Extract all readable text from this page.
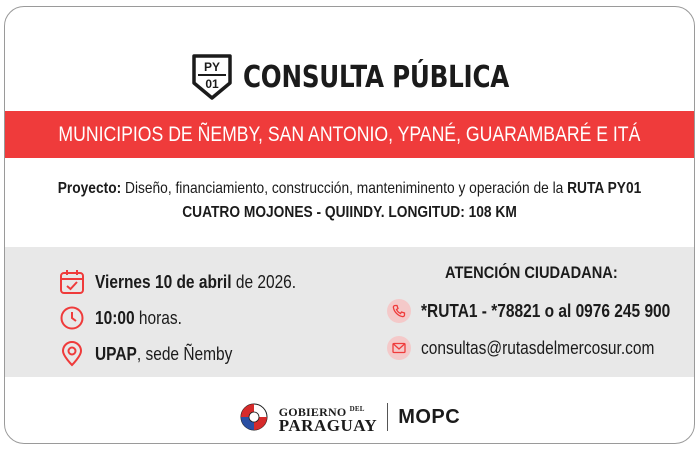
PY
01 CONSULTA PÚBLICA
MUNICIPIOS DE ÑEMBY, SAN ANTONIO, YPANÉ, GUARAMBARÉ E ITÁ
Proyecto: Diseño, financiamiento, construcción, manteniminento y operación de la RUTA PY01
CUATRO MOJONES - QUIINDY. LONGITUD: 108 KM
Viernes 10 de abril de 2026.
10:00 horas.
UPAP, sede Ñemby
ATENCIÓN CIUDADANA:
*RUTA1 - *78821 o al 0976 245 900
consultas@rutasdelmercosur.com
GOBIERNO $^{DEL}$
PARAGUAY MOPC
